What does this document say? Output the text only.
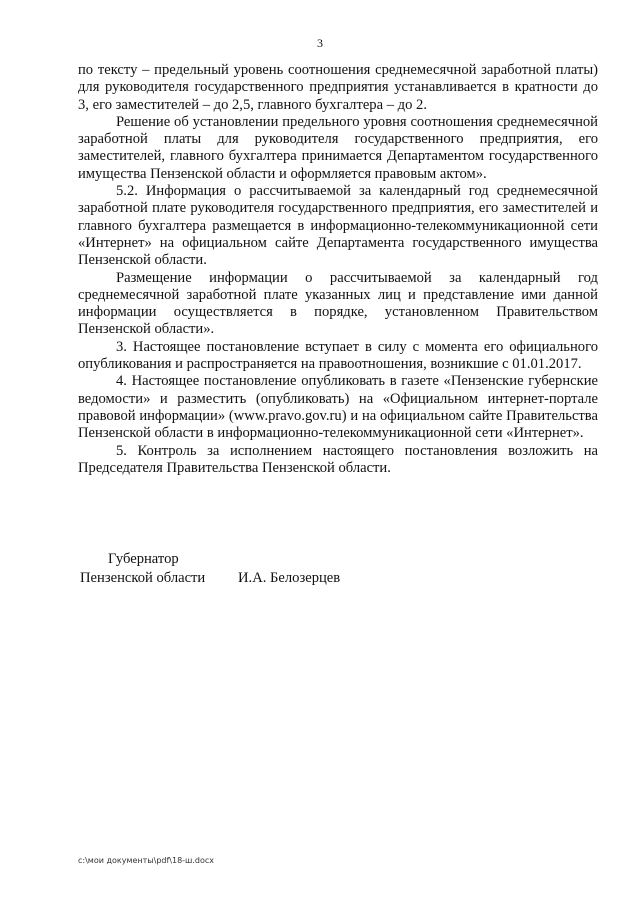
3

по тексту – предельный уровень соотношения среднемесячной заработной платы) для руководителя государственного предприятия устанавливается в кратности до 3, его заместителей – до 2,5, главного бухгалтера – до 2.

Решение об установлении предельного уровня соотношения среднемесячной заработной платы для руководителя государственного предприятия, его заместителей, главного бухгалтера принимается Департаментом государственного имущества Пензенской области и оформляется правовым актом».

5.2. Информация о рассчитываемой за календарный год среднемесячной заработной плате руководителя государственного предприятия, его заместителей и главного бухгалтера размещается в информационно-телекоммуникационной сети «Интернет» на официальном сайте Департамента государственного имущества Пензенской области.

Размещение информации о рассчитываемой за календарный год среднемесячной заработной плате указанных лиц и представление ими данной информации осуществляется в порядке, установленном Правительством Пензенской области».

3. Настоящее постановление вступает в силу с момента его официального опубликования и распространяется на правоотношения, возникшие с 01.01.2017.

4. Настоящее постановление опубликовать в газете «Пензенские губернские ведомости» и разместить (опубликовать) на «Официальном интернет-портале правовой информации» (www.pravo.gov.ru) и на официальном сайте Правительства Пензенской области в информационно-телекоммуникационной сети «Интернет».

5. Контроль за исполнением настоящего постановления возложить на Председателя Правительства Пензенской области.

Губернатор
Пензенской области И.А. Белозерцев
c:\мои документы\pdf\18-ш.docx
